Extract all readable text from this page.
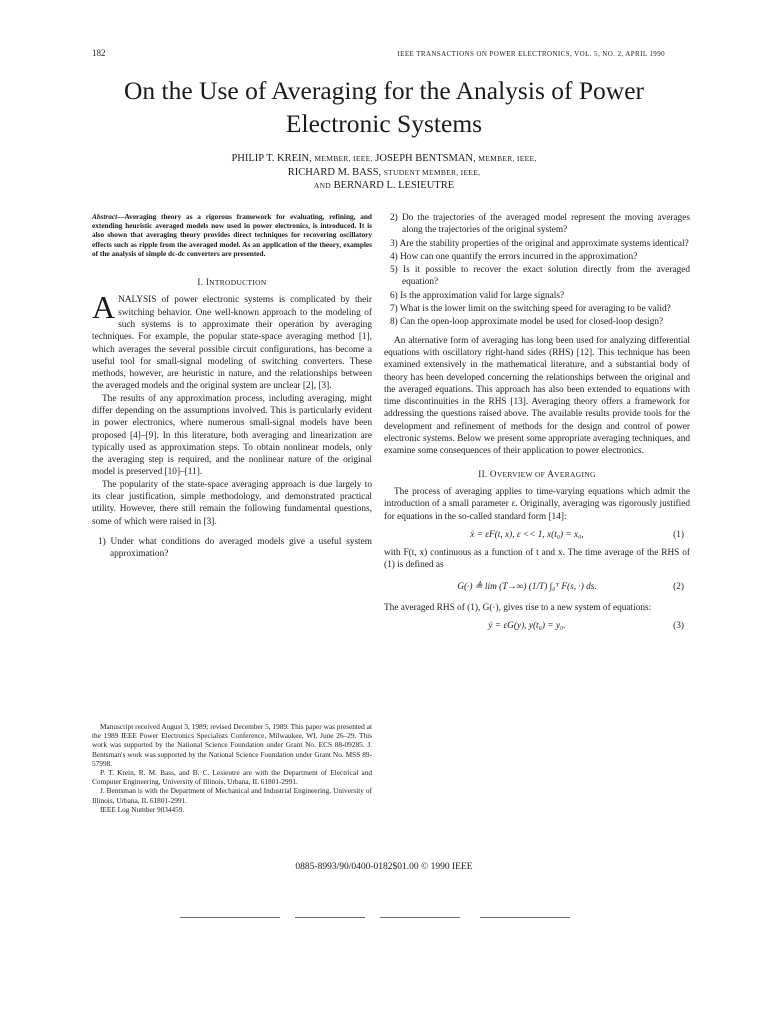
182	IEEE TRANSACTIONS ON POWER ELECTRONICS, VOL. 5, NO. 2, APRIL 1990
On the Use of Averaging for the Analysis of Power
Electronic Systems
PHILIP T. KREIN, MEMBER, IEEE, JOSEPH BENTSMAN, MEMBER, IEEE,
RICHARD M. BASS, STUDENT MEMBER, IEEE,
AND BERNARD L. LESIEUTRE

Abstract—Averaging theory as a rigorous framework for evaluating, refining, and extending heuristic averaged models now used in power electronics, is introduced. It is also shown that averaging theory provides direct techniques for recovering oscillatory effects such as ripple from the averaged model. As an application of the theory, examples of the analysis of simple dc-dc converters are presented.

I. INTRODUCTION

ANALYSIS of power electronic systems is complicated by their switching behavior. One well-known approach to the modeling of such systems is to approximate their operation by averaging techniques. For example, the popular state-space averaging method [1], which averages the several possible circuit configurations, has become a useful tool for small-signal modeling of switching converters. These methods, however, are heuristic in nature, and the relationships between the averaged models and the original system are unclear [2], [3].

The results of any approximation process, including averaging, might differ depending on the assumptions involved. This is particularly evident in power electronics, where numerous small-signal models have been proposed [4]–[9]. In this literature, both averaging and linearization are typically used as approximation steps. To obtain nonlinear models, only the averaging step is required, and the nonlinear nature of the original model is preserved [10]–[11].

The popularity of the state-space averaging approach is due largely to its clear justification, simple methodology, and demonstrated practical utility. However, there still remain the following fundamental questions, some of which were raised in [3].

1) Under what conditions do averaged models give a useful system approximation?

Manuscript received August 3, 1989; revised December 5, 1989. This paper was presented at the 1989 IEEE Power Electronics Specialists Conference, Milwaukee, WI, June 26–29. This work was supported by the National Science Foundation under Grant No. ECS 88-09285. J. Bentsman's work was supported by the National Science Foundation under Grant No. MSS 89-57998.

P. T. Krein, R. M. Bass, and B. C. Lesieutre are with the Department of Electrical and Computer Engineering, University of Illinois, Urbana, IL 61801-2991.

J. Bentsman is with the Department of Mechanical and Industrial Engineering, University of Illinois, Urbana, IL 61801-2991.

IEEE Log Number 9034459.

2) Do the trajectories of the averaged model represent the moving averages along the trajectories of the original system?
3) Are the stability properties of the original and approximate systems identical?
4) How can one quantify the errors incurred in the approximation?
5) Is it possible to recover the exact solution directly from the averaged equation?
6) Is the approximation valid for large signals?
7) What is the lower limit on the switching speed for averaging to be valid?
8) Can the open-loop approximate model be used for closed-loop design?

An alternative form of averaging has long been used for analyzing differential equations with oscillatory right-hand sides (RHS) [12]. This technique has been examined extensively in the mathematical literature, and a substantial body of theory has been developed concerning the relationships between the original and the averaged equations. This approach has also been extended to equations with time discontinuities in the RHS [13]. Averaging theory offers a framework for addressing the questions raised above. The available results provide tools for the development and refinement of methods for the design and control of power electronic systems. Below we present some appropriate averaging techniques, and examine some consequences of their application to power electronics.

II. OVERVIEW OF AVERAGING

The process of averaging applies to time-varying equations which admit the introduction of a small parameter ε. Originally, averaging was rigorously justified for equations in the so-called standard form [14]:

ẋ = εF(t, x), ε << 1, x(t₀) = x₀,	(1)

with F(t, x) continuous as a function of t and x. The time average of the RHS of (1) is defined as

G(·) ≜ lim (T→∞) (1/T) ∫₀ᵀ F(s, ·) ds.	(2)

The averaged RHS of (1), G(·), gives rise to a new system of equations:

ẏ = εG(y), y(t₀) = y₀.	(3)
0885-8993/90/0400-0182$01.00 © 1990 IEEE
